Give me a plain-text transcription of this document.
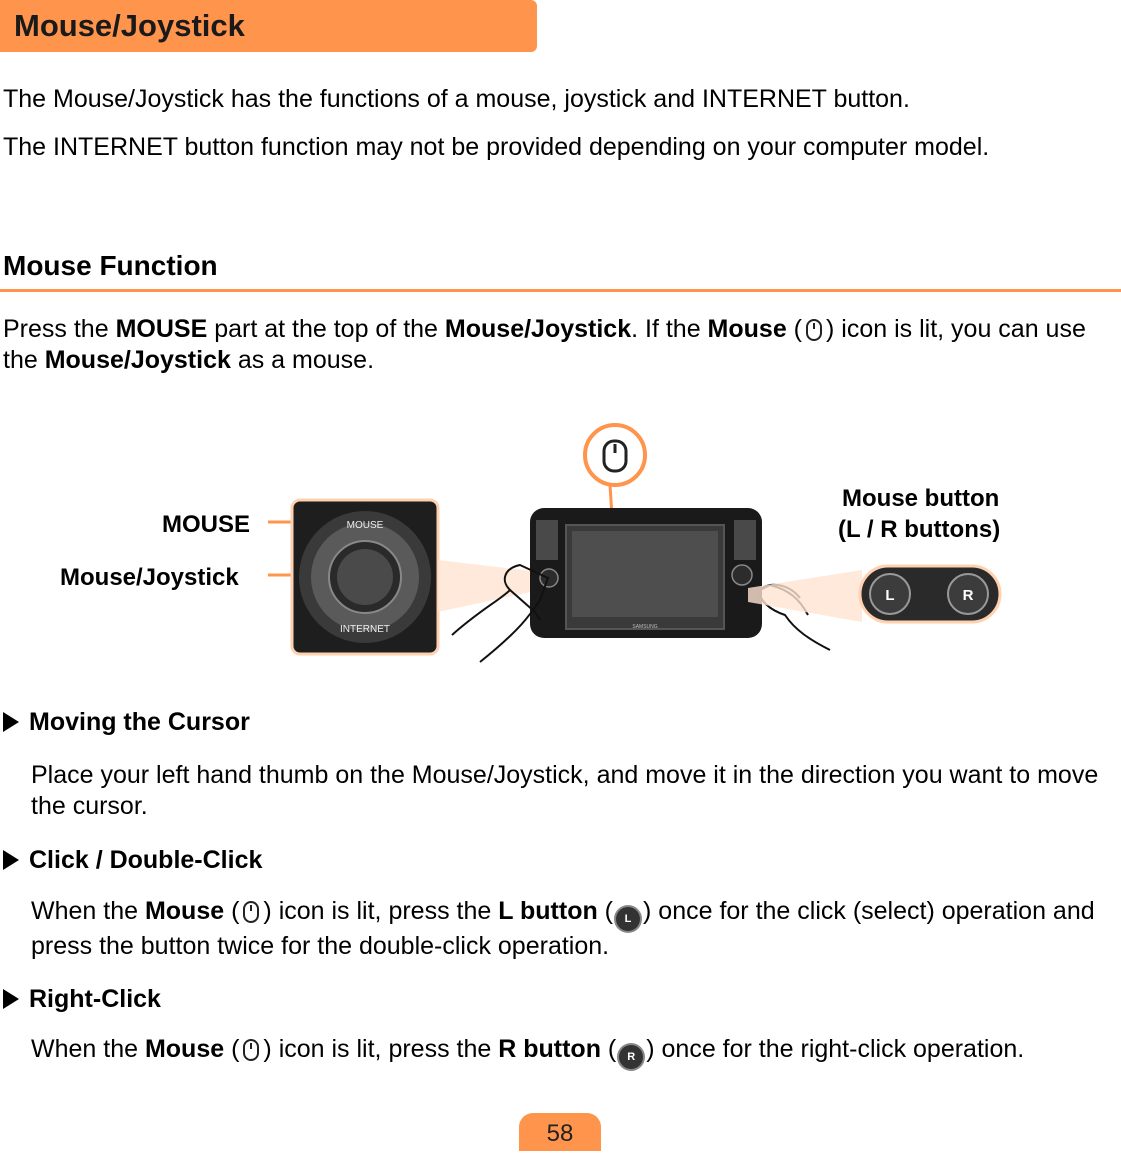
Mouse/Joystick
The Mouse/Joystick has the functions of a mouse, joystick and INTERNET button.
The INTERNET button function may not be provided depending on your computer model.
Mouse Function
Press the MOUSE part at the top of the Mouse/Joystick. If the Mouse ( ) icon is lit, you can use the Mouse/Joystick as a mouse.
MOUSE
Mouse/Joystick
Mouse button
(L / R buttons)
MOUSE
INTERNET	SAMSUNG
L	R
Moving the Cursor
Place your left hand thumb on the Mouse/Joystick, and move it in the direction you want to move the cursor.
Click / Double-Click
When the Mouse ( ) icon is lit, press the L button ( L ) once for the click (select) operation and press the button twice for the double-click operation.
Right-Click
When the Mouse ( ) icon is lit, press the R button ( R ) once for the right-click operation.
58
